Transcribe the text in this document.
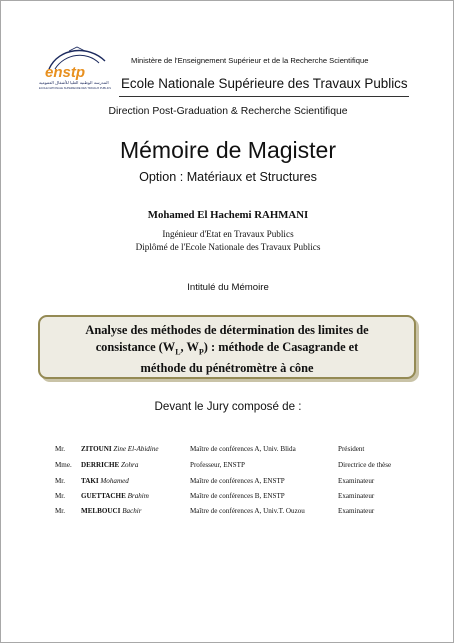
enstp
المدرسة الوطنية العليا للأشغال العمومية
ECOLE NATIONALE SUPERIEURE DES TRAVAUX PUBLICS
Ministère de l'Enseignement Supérieur et de la Recherche Scientifique
Ecole Nationale Supérieure des Travaux Publics
Direction Post-Graduation & Recherche Scientifique
Mémoire de Magister
Option : Matériaux et Structures
Mohamed El Hachemi RAHMANI
Ingénieur d'Etat en Travaux Publics
Diplômé de l'Ecole Nationale des Travaux Publics
Intitulé du Mémoire
Analyse des méthodes de détermination des limites de
consistance ($W_L$, $W_P$) : méthode de Casagrande et
méthode du pénétromètre à cône
Devant le Jury composé de :
Mr. ZITOUNI Zine El-Abidine	Maître de conférences A, Univ. Blida	Président
Mme. DERRICHE Zohra	Professeur, ENSTP	Directrice de thèse
Mr. TAKI Mohamed	Maître de conférences A, ENSTP	Examinateur
Mr. GUETTACHE Brahim	Maître de conférences B, ENSTP	Examinateur
Mr. MELBOUCI Bachir	Maître de conférences A, Univ.T. Ouzou	Examinateur
